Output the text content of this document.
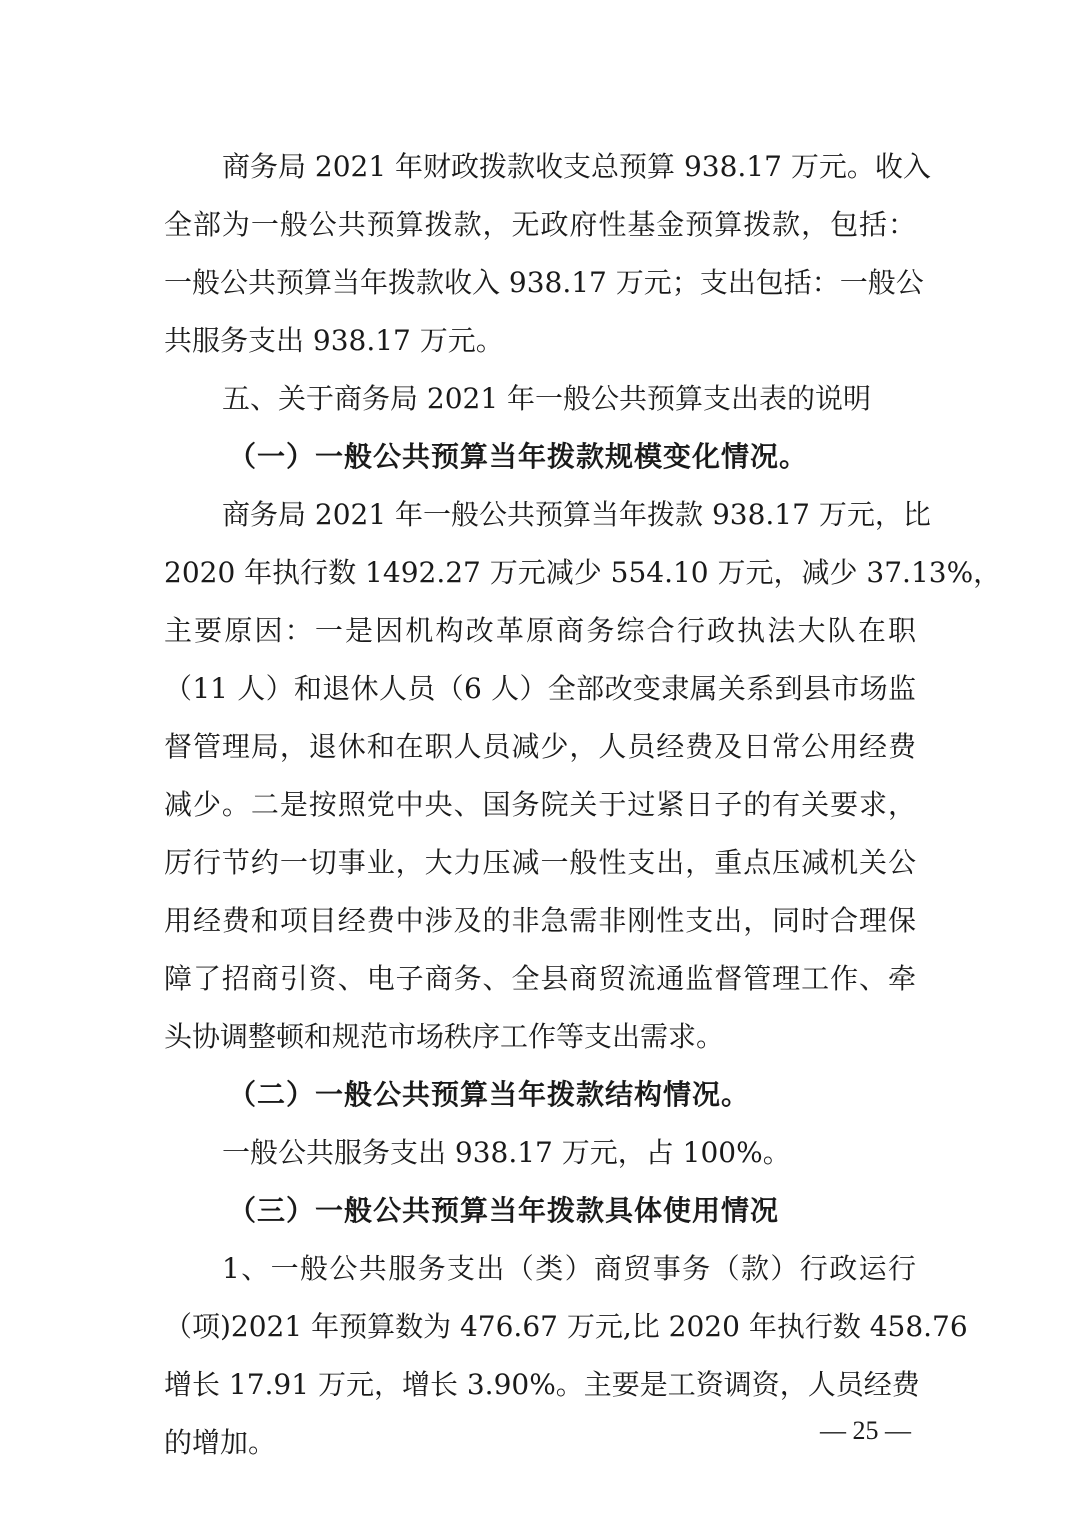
商务局 2021 年财政拨款收支总预算 938.17 万元。收入
全部为一般公共预算拨款，无政府性基金预算拨款，包括：
一般公共预算当年拨款收入 938.17 万元；支出包括：一般公
共服务支出 938.17 万元。
五、关于商务局 2021 年一般公共预算支出表的说明
（一）一般公共预算当年拨款规模变化情况。
商务局 2021 年一般公共预算当年拨款 938.17 万元，比
2020 年执行数 1492.27 万元减少 554.10 万元，减少 37.13%，
主要原因：一是因机构改革原商务综合行政执法大队在职
（11 人）和退休人员（6 人）全部改变隶属关系到县市场监
督管理局，退休和在职人员减少，人员经费及日常公用经费
减少。二是按照党中央、国务院关于过紧日子的有关要求，
厉行节约一切事业，大力压减一般性支出，重点压减机关公
用经费和项目经费中涉及的非急需非刚性支出，同时合理保
障了招商引资、电子商务、全县商贸流通监督管理工作、牵
头协调整顿和规范市场秩序工作等支出需求。
（二）一般公共预算当年拨款结构情况。
一般公共服务支出 938.17 万元，占 100%。
（三）一般公共预算当年拨款具体使用情况
1、一般公共服务支出（类）商贸事务（款）行政运行
（项)2021 年预算数为 476.67 万元,比 2020 年执行数 458.76
增长 17.91 万元，增长 3.90%。主要是工资调资，人员经费
的增加。	— 25 —
